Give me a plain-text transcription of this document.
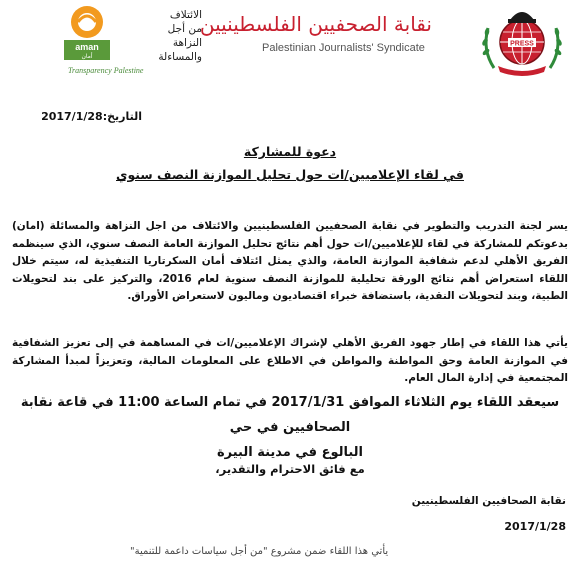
PRESS
نقابة الصحفيين الفلسطينيين
Palestinian Journalists' Syndicate
aman
أمان
الائتلاف
من أجل
النزاهة
والمساءلة
Transparency Palestine
التاريخ:2017/1/28
دعوة للمشاركة
في لقاء الإعلاميين/ات حول تحليل الموازنة النصف سنوي
يسر لجنة التدريب والتطوير في نقابة الصحفيين الفلسطينيين والائتلاف من اجل النزاهة والمسائلة (امان) بدعوتكم للمشاركة في لقاء للإعلاميين/ات حول أهم نتائج تحليل الموازنة العامة النصف سنوي، الذي سينظمه الفريق الأهلي لدعم شفافية الموازنة العامة، والذي يمثل ائتلاف أمان السكرتاريا التنفيذية له، سيتم خلال اللقاء استعراض أهم نتائج الورقة تحليلية للموازنة النصف سنوية لعام 2016، والتركيز على بند لتحويلات الطبية، وبند لتحويلات النقدية، باستضافة خبراء اقتصاديون وماليون لاستعراض الأوراق.
يأتي هذا اللقاء في إطار جهود الفريق الأهلي لإشراك الإعلاميين/ات في المساهمة في إلى تعزيز الشفافية في الموازنة العامة وحق المواطنة والمواطن في الاطلاع على المعلومات المالية، وتعزيزاً لمبدأ المشاركة المجتمعية في إدارة المال العام.
سيعقد اللقاء يوم الثلاثاء الموافق 2017/1/31 في تمام الساعة 11:00 في قاعة نقابة الصحافيين في حي
البالوع في مدينة البيرة
مع فائق الاحترام والتقدير،
نقابة الصحافيين الفلسطينيين
2017/1/28
يأتي هذا اللقاء ضمن مشروع "من أجل سياسات داعمة للتنمية"
